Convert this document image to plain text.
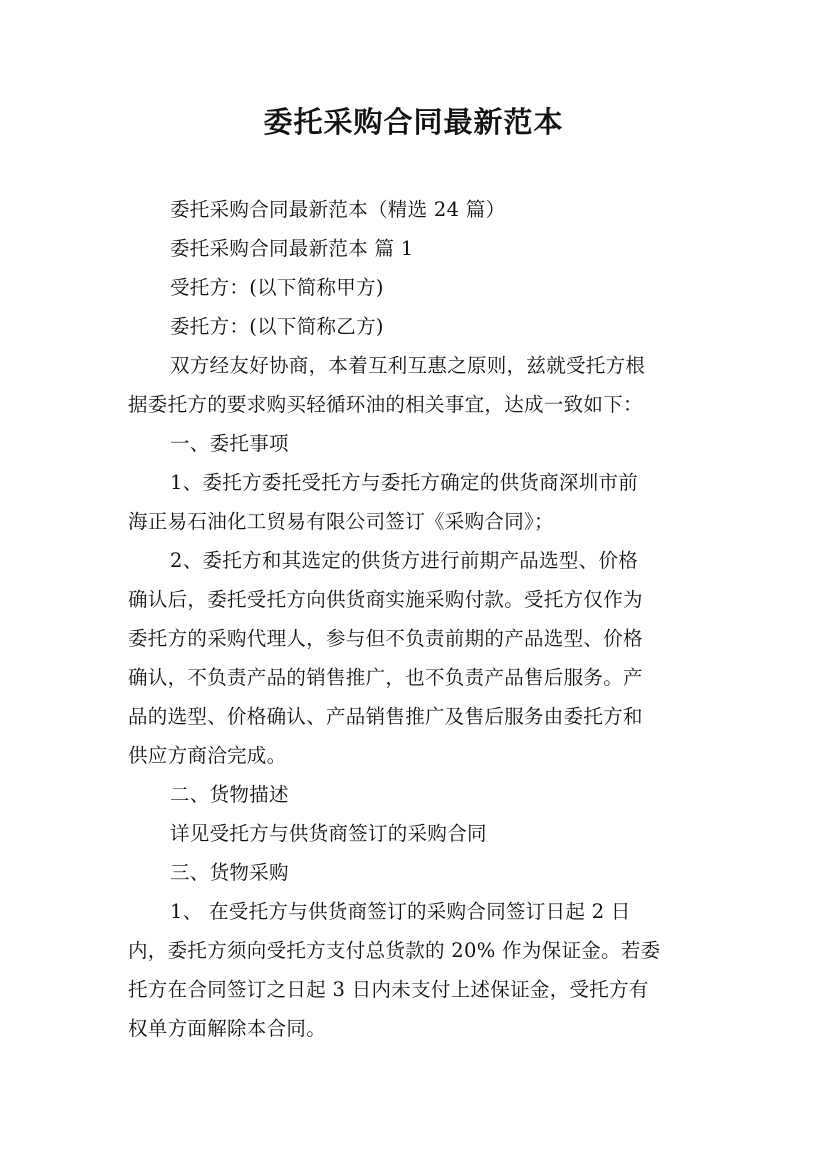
委托采购合同最新范本
委托采购合同最新范本（精选 24 篇）
委托采购合同最新范本 篇 1
受托方：(以下简称甲方)
委托方：(以下简称乙方)
双方经友好协商，本着互利互惠之原则，兹就受托方根
据委托方的要求购买轻循环油的相关事宜，达成一致如下：
一、委托事项
1、委托方委托受托方与委托方确定的供货商深圳市前
海正易石油化工贸易有限公司签订《采购合同》；
2、委托方和其选定的供货方进行前期产品选型、价格
确认后，委托受托方向供货商实施采购付款。受托方仅作为
委托方的采购代理人，参与但不负责前期的产品选型、价格
确认，不负责产品的销售推广，也不负责产品售后服务。产
品的选型、价格确认、产品销售推广及售后服务由委托方和
供应方商洽完成。
二、货物描述
详见受托方与供货商签订的采购合同
三、货物采购
1、 在受托方与供货商签订的采购合同签订日起 2 日
内，委托方须向受托方支付总货款的 20% 作为保证金。若委
托方在合同签订之日起 3 日内未支付上述保证金，受托方有
权单方面解除本合同。
